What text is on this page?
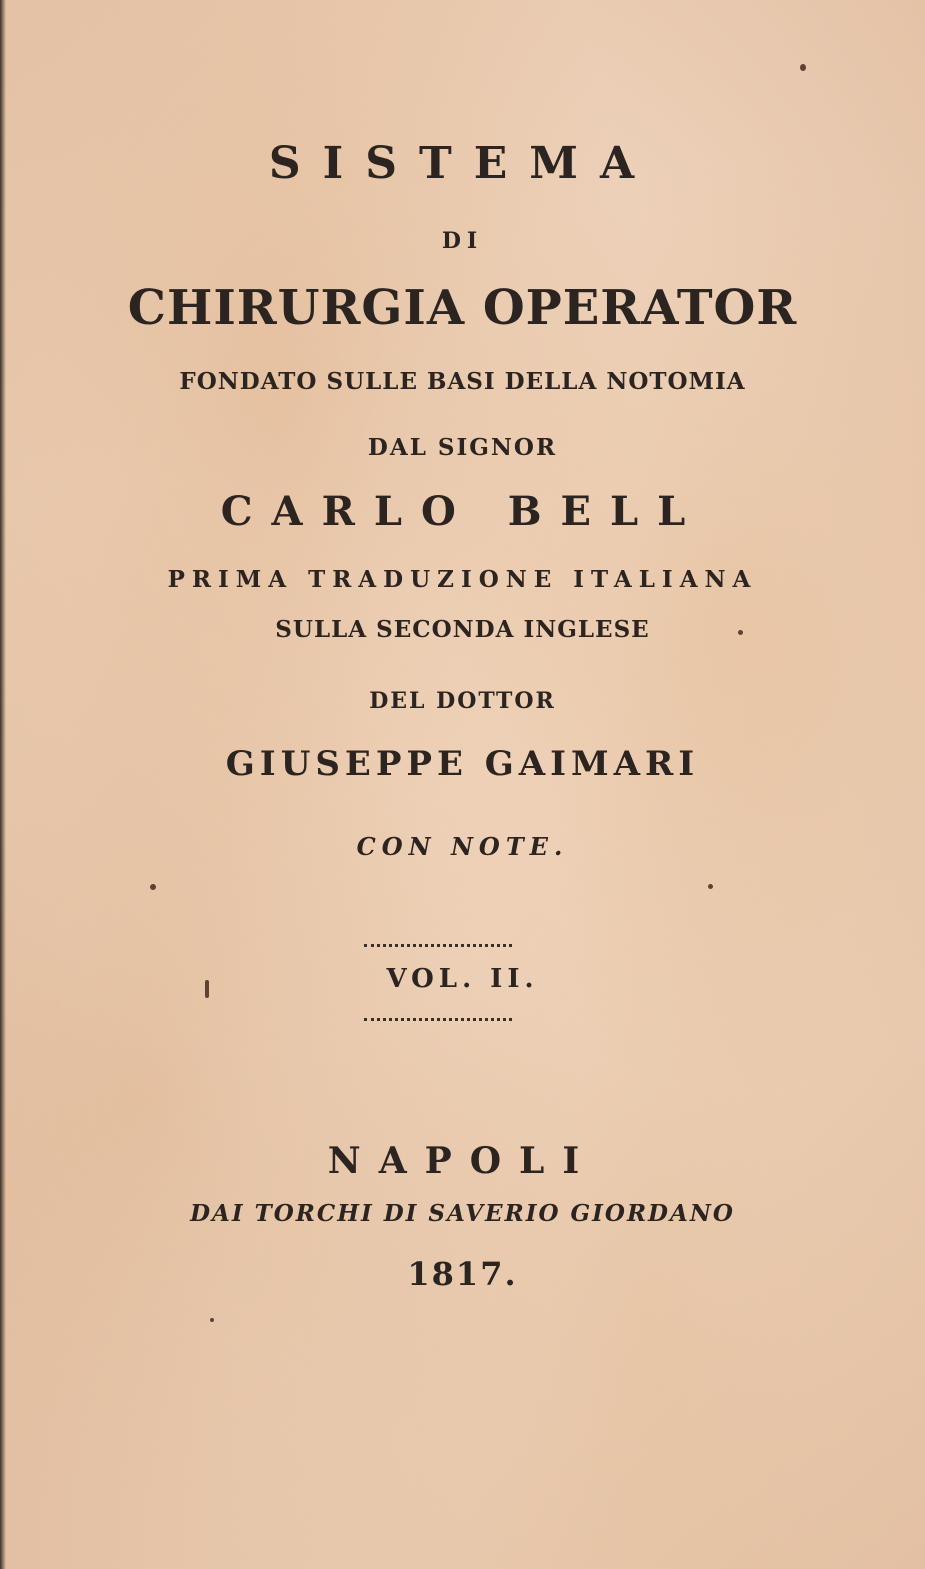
SISTEMA
DI
CHIRURGIA OPERATOR
FONDATO SULLE BASI DELLA NOTOMIA
DAL SIGNOR
CARLO BELL
PRIMA TRADUZIONE ITALIANA
SULLA SECONDA INGLESE
DEL DOTTOR
GIUSEPPE GAIMARI
CON NOTE.
VOL. II.
NAPOLI
DAI TORCHI DI SAVERIO GIORDANO
1817.
